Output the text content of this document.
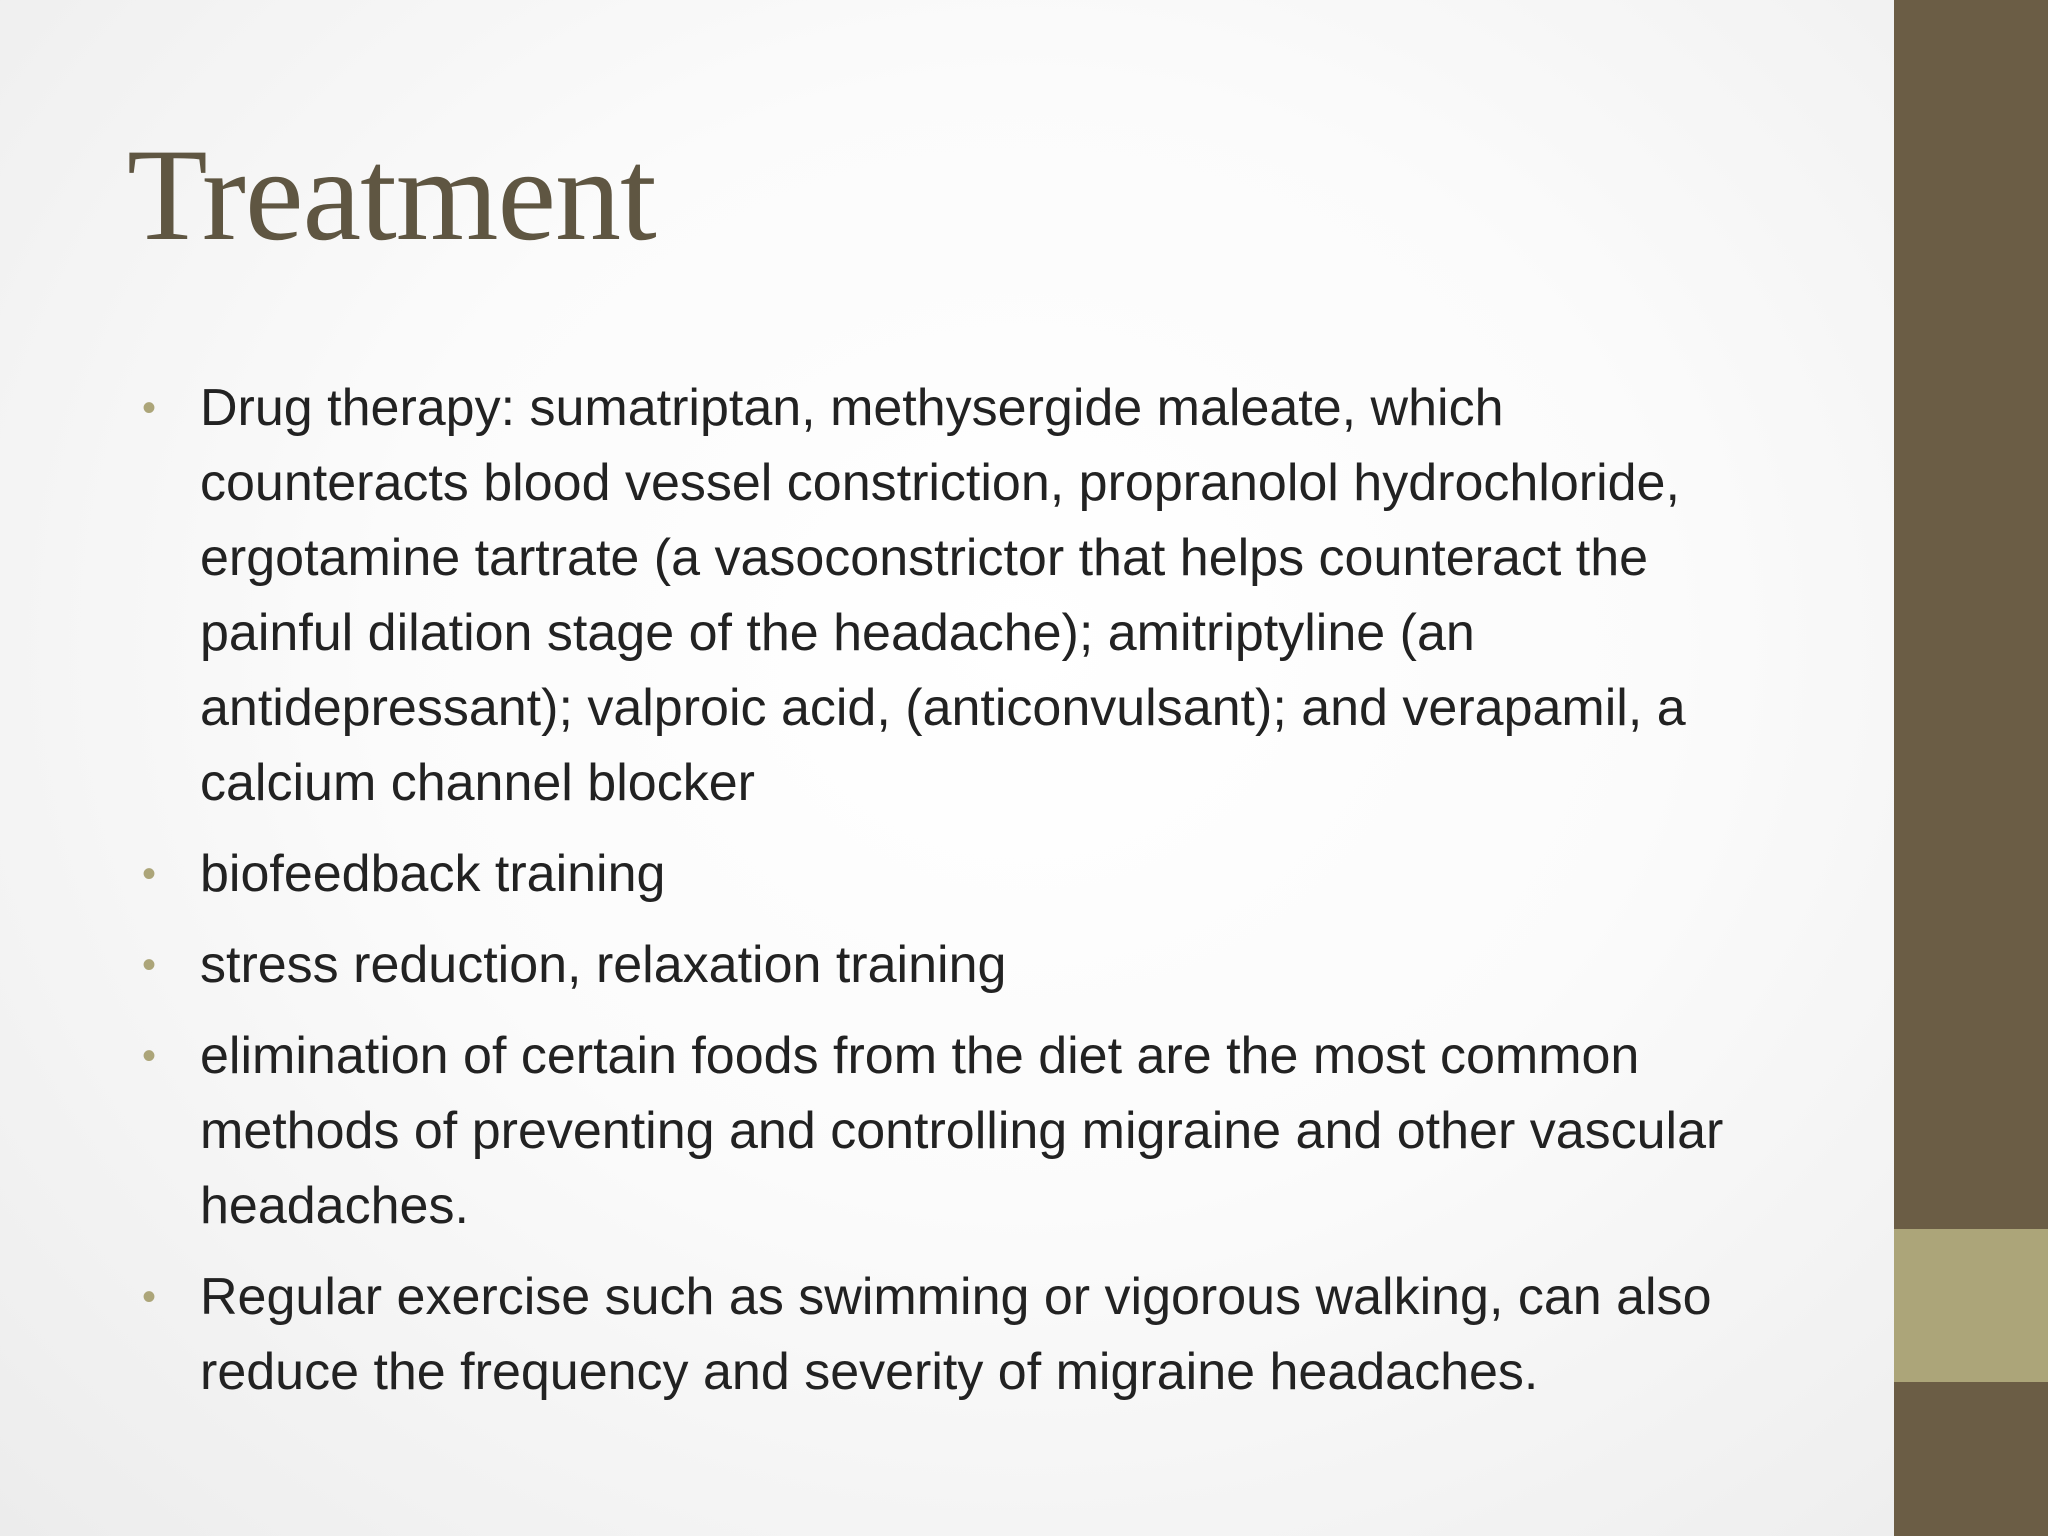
Treatment
• Drug therapy: sumatriptan, methysergide maleate, which
counteracts blood vessel constriction, propranolol hydrochloride,
ergotamine tartrate (a vasoconstrictor that helps counteract the
painful dilation stage of the headache); amitriptyline (an
antidepressant); valproic acid, (anticonvulsant); and verapamil, a
calcium channel blocker
• biofeedback training
• stress reduction, relaxation training
• elimination of certain foods from the diet are the most common
methods of preventing and controlling migraine and other vascular
headaches.
• Regular exercise such as swimming or vigorous walking, can also
reduce the frequency and severity of migraine headaches.
